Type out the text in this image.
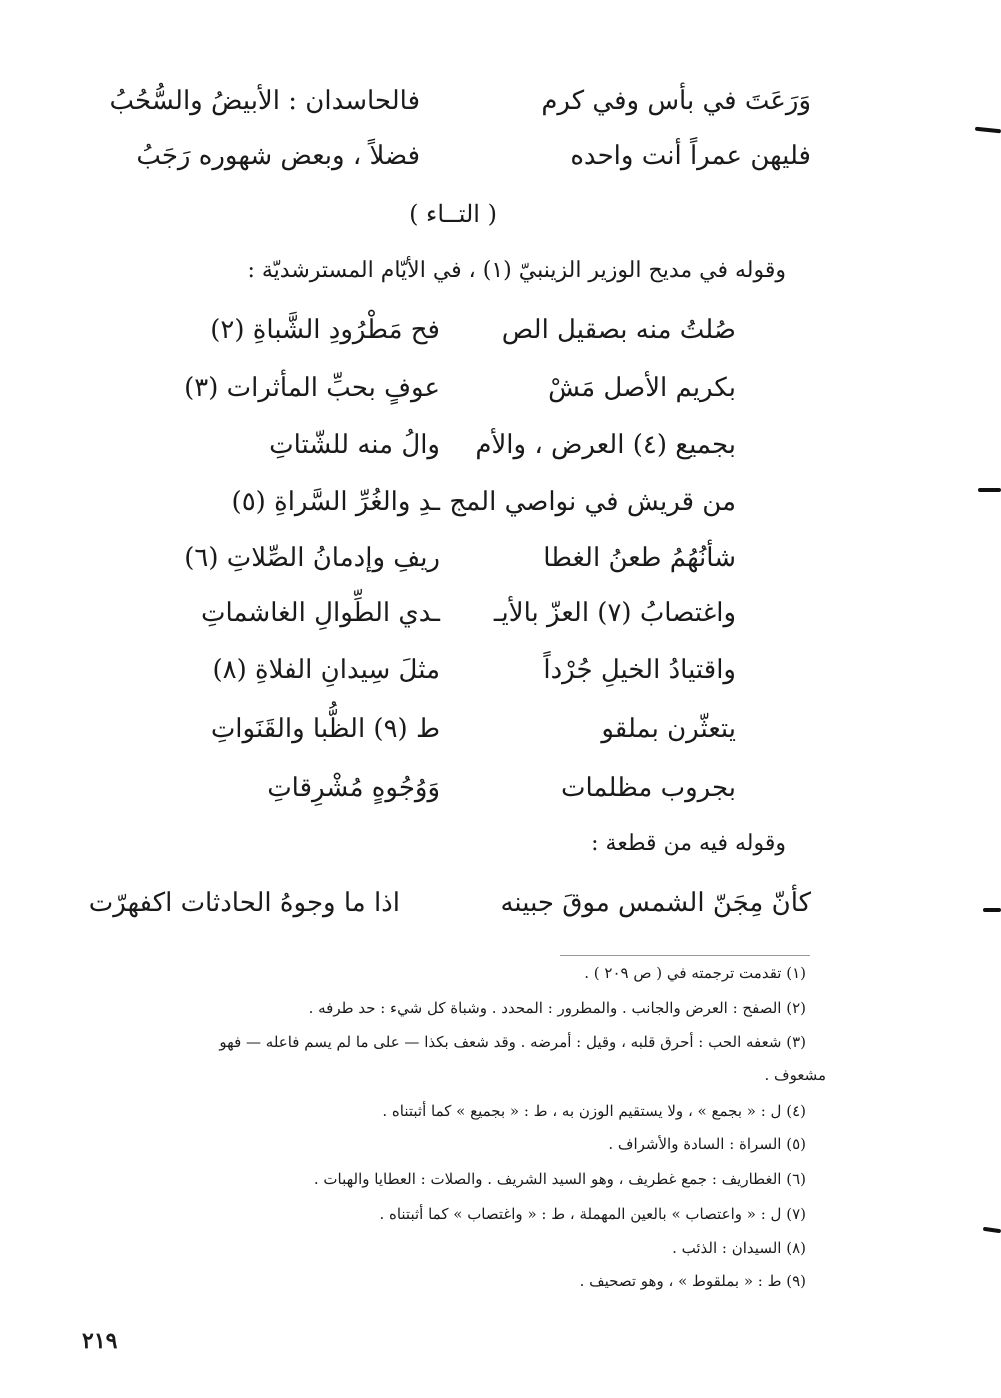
وَرَعَتَ في بأس وفي كرم
فالحاسدان : الأبيضُ والسُّحُبُ
فليهن عمراً أنت واحده
فضلاً ، وبعض شهوره رَجَبُ
( التــاء )
وقوله في مديح الوزير الزينبيّ (١) ، في الأيّام المسترشديّة :
صُلتُ منه بصقيل الص
فح مَطْرُودِ الشَّباةِ (٢)
بكريم الأصل مَشْ
عوفٍ بحبِّ المأثرات (٣)
بجميع (٤) العرض ، والأم
والُ منه للشّتاتِ
من قريش في نواصي المج
ـدِ والغُرِّ السَّراةِ (٥)
شأنُهُمُ طعنُ الغطا
ريفِ وإدمانُ الصِّلاتِ (٦)
واغتصابُ (٧) العزّ بالأيـ
ـدي الطِّوالِ الغاشماتِ
واقتيادُ الخيلِ جُرْداً
مثلَ سِيدانِ الفلاةِ (٨)
يتعثّرن بملقو
ط (٩) الظُّبا والقَنَواتِ
بجروب مظلمات
وَوُجُوهٍ مُشْرِقاتِ
وقوله فيه من قطعة :
كأنّ مِجَنّ الشمس موقَ جبينه
اذا ما وجوهُ الحادثات اكفهرّت
(١) تقدمت ترجمته في ( ص ٢٠٩ ) .
(٢) الصفح : العرض والجانب . والمطرور : المحدد . وشباة كل شيء : حد طرفه .
(٣) شعفه الحب : أحرق قلبه ، وقيل : أمرضه . وقد شعف بكذا — على ما لم يسم فاعله — فهو
مشعوف .
(٤) ل : « بجمع » ، ولا يستقيم الوزن به ، ط : « بجميع » كما أثبتناه .
(٥) السراة : السادة والأشراف .
(٦) الغطاريف : جمع غطريف ، وهو السيد الشريف . والصلات : العطايا والهبات .
(٧) ل : « واعتصاب » بالعين المهملة ، ط : « واغتصاب » كما أثبتناه .
(٨) السيدان : الذئب .
(٩) ط : « بملقوط » ، وهو تصحيف .
٢١٩
